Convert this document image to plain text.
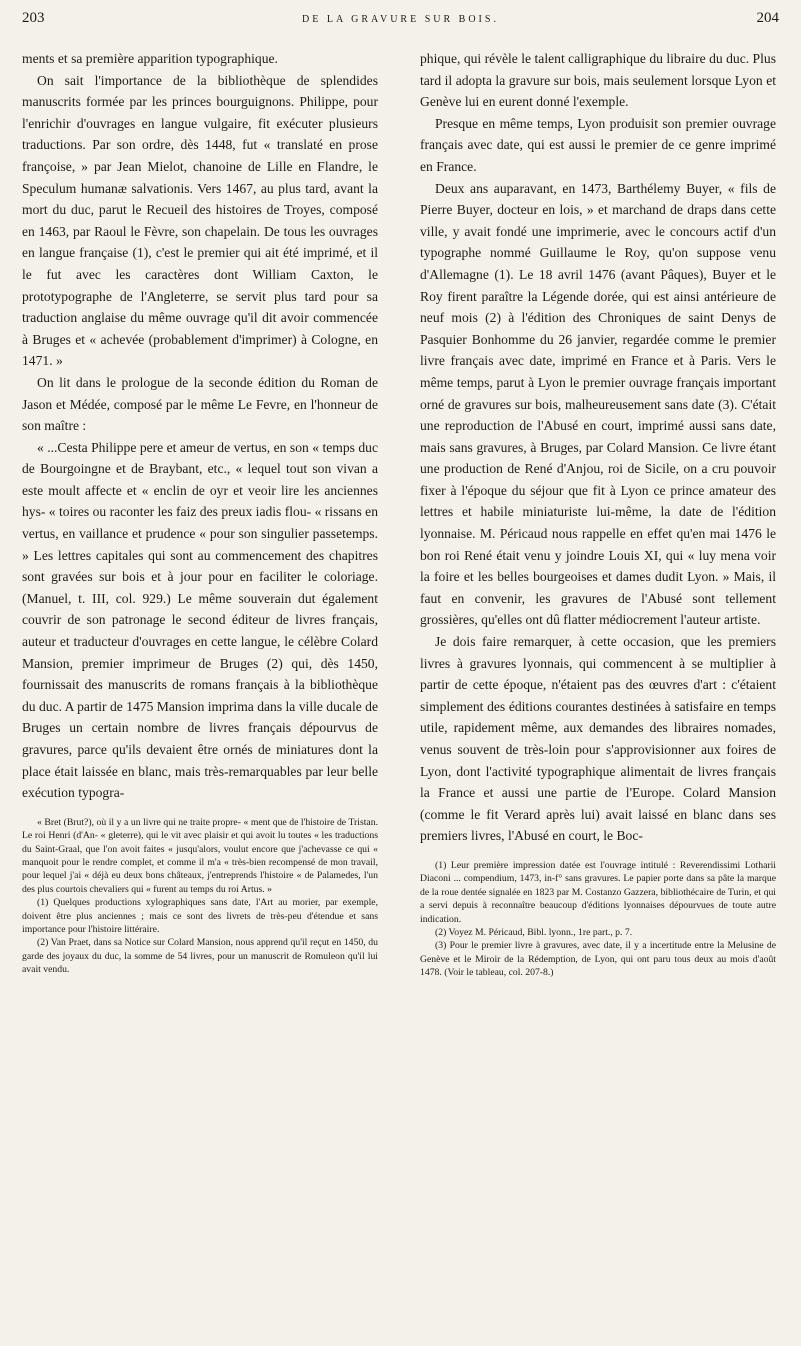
203	DE LA GRAVURE SUR BOIS.	204

ments et sa première apparition typographique.

On sait l'importance de la bibliothèque de splendides manuscrits formée par les princes bourguignons. Philippe, pour l'enrichir d'ouvrages en langue vulgaire, fit exécuter plusieurs traductions. Par son ordre, dès 1448, fut « translaté en prose françoise, » par Jean Mielot, chanoine de Lille en Flandre, le Speculum humanæ salvationis. Vers 1467, au plus tard, avant la mort du duc, parut le Recueil des histoires de Troyes, composé en 1463, par Raoul le Fèvre, son chapelain. De tous les ouvrages en langue française (1), c'est le premier qui ait été imprimé, et il le fut avec les caractères dont William Caxton, le prototypographe de l'Angleterre, se servit plus tard pour sa traduction anglaise du même ouvrage qu'il dit avoir commencée à Bruges et « achevée (probablement d'imprimer) à Cologne, en 1471. »

On lit dans le prologue de la seconde édition du Roman de Jason et Médée, composé par le même Le Fevre, en l'honneur de son maître :

« ...Cesta Philippe pere et ameur de vertus, en son « temps duc de Bourgoingne et de Braybant, etc., « lequel tout son vivan a este moult affecte et « enclin de oyr et veoir lire les anciennes hys- « toires ou raconter les faiz des preux iadis flou- « rissans en vertus, en vaillance et prudence « pour son singulier passetemps. » Les lettres capitales qui sont au commencement des chapitres sont gravées sur bois et à jour pour en faciliter le coloriage. (Manuel, t. III, col. 929.) Le même souverain dut également couvrir de son patronage le second éditeur de livres français, auteur et traducteur d'ouvrages en cette langue, le célèbre Colard Mansion, premier imprimeur de Bruges (2) qui, dès 1450, fournissait des manuscrits de romans français à la bibliothèque du duc. A partir de 1475 Mansion imprima dans la ville ducale de Bruges un certain nombre de livres français dépourvus de gravures, parce qu'ils devaient être ornés de miniatures dont la place était laissée en blanc, mais très-remarquables par leur belle exécution typogra-

« Bret (Brut?), où il y a un livre qui ne traite propre- « ment que de l'histoire de Tristan. Le roi Henri (d'An- « gleterre), qui le vit avec plaisir et qui avoit lu toutes « les traductions du Saint-Graal, que l'on avoit faites « jusqu'alors, voulut encore que j'achevasse ce qui « manquoit pour le rendre complet, et comme il m'a « très-bien recompensé de mon travail, pour lequel j'ai « déjà eu deux bons châteaux, j'entreprends l'histoire « de Palamedes, l'un des plus courtois chevaliers qui « furent au temps du roi Artus. »

(1) Quelques productions xylographiques sans date, l'Art au morier, par exemple, doivent être plus anciennes ; mais ce sont des livrets de très-peu d'étendue et sans importance pour l'histoire littéraire.

(2) Van Praet, dans sa Notice sur Colard Mansion, nous apprend qu'il reçut en 1450, du garde des joyaux du duc, la somme de 54 livres, pour un manuscrit de Romuleon qu'il lui avait vendu.

phique, qui révèle le talent calligraphique du libraire du duc. Plus tard il adopta la gravure sur bois, mais seulement lorsque Lyon et Genève lui en eurent donné l'exemple.

Presque en même temps, Lyon produisit son premier ouvrage français avec date, qui est aussi le premier de ce genre imprimé en France.

Deux ans auparavant, en 1473, Barthélemy Buyer, « fils de Pierre Buyer, docteur en lois, » et marchand de draps dans cette ville, y avait fondé une imprimerie, avec le concours actif d'un typographe nommé Guillaume le Roy, qu'on suppose venu d'Allemagne (1). Le 18 avril 1476 (avant Pâques), Buyer et le Roy firent paraître la Légende dorée, qui est ainsi antérieure de neuf mois (2) à l'édition des Chroniques de saint Denys de Pasquier Bonhomme du 26 janvier, regardée comme le premier livre français avec date, imprimé en France et à Paris. Vers le même temps, parut à Lyon le premier ouvrage français important orné de gravures sur bois, malheureusement sans date (3). C'était une reproduction de l'Abusé en court, imprimé aussi sans date, mais sans gravures, à Bruges, par Colard Mansion. Ce livre étant une production de René d'Anjou, roi de Sicile, on a cru pouvoir fixer à l'époque du séjour que fit à Lyon ce prince amateur des lettres et habile miniaturiste lui-même, la date de l'édition lyonnaise. M. Péricaud nous rappelle en effet qu'en mai 1476 le bon roi René était venu y joindre Louis XI, qui « luy mena voir la foire et les belles bourgeoises et dames dudit Lyon. » Mais, il faut en convenir, les gravures de l'Abusé sont tellement grossières, qu'elles ont dû flatter médiocrement l'auteur artiste.

Je dois faire remarquer, à cette occasion, que les premiers livres à gravures lyonnais, qui commencent à se multiplier à partir de cette époque, n'étaient pas des œuvres d'art : c'étaient simplement des éditions courantes destinées à satisfaire en temps utile, rapidement même, aux demandes des libraires nomades, venus souvent de très-loin pour s'approvisionner aux foires de Lyon, dont l'activité typographique alimentait de livres français la France et aussi une partie de l'Europe. Colard Mansion (comme le fit Verard après lui) avait laissé en blanc dans ses premiers livres, l'Abusé en court, le Boc-

(1) Leur première impression datée est l'ouvrage intitulé : Reverendissimi Lotharii Diaconi ... compendium, 1473, in-f° sans gravures. Le papier porte dans sa pâte la marque de la roue dentée signalée en 1823 par M. Costanzo Gazzera, bibliothécaire de Turin, et qui a servi depuis à reconnaître beaucoup d'éditions lyonnaises dépourvues de toute autre indication.

(2) Voyez M. Péricaud, Bibl. lyonn., 1re part., p. 7.

(3) Pour le premier livre à gravures, avec date, il y a incertitude entre la Melusine de Genève et le Miroir de la Rédemption, de Lyon, qui ont paru tous deux au mois d'août 1478. (Voir le tableau, col. 207-8.)
